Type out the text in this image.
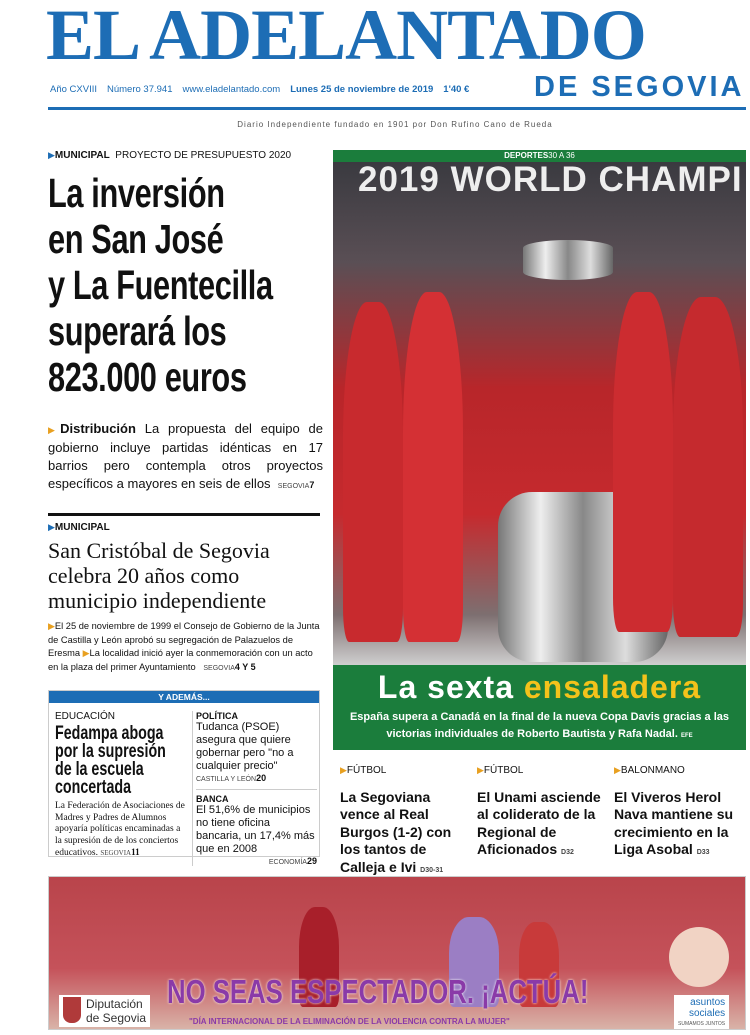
EL ADELANTADO
DE SEGOVIA
Año CXVIII Número 37.941 www.eladelantado.com Lunes 25 de noviembre de 2019 1'40 €
Diario Independiente fundado en 1901 por Don Rufino Cano de Rueda
▶MUNICIPAL PROYECTO DE PRESUPUESTO 2020
La inversión
en San José
y La Fuentecilla
superará los
823.000 euros
▶Distribución La propuesta del equipo de gobierno incluye partidas idénticas en 17 barrios pero contempla otros proyectos específicos a mayores en seis de ellos SEGOVIA7
▶MUNICIPAL
San Cristóbal de Segovia celebra 20 años como municipio independiente
▶El 25 de noviembre de 1999 el Consejo de Gobierno de la Junta de Castilla y León aprobó su segregación de Palazuelos de Eresma ▶La localidad inició ayer la conmemoración con un acto en la plaza del primer Ayuntamiento SEGOVIA4 Y 5
Y ADEMÁS...
EDUCACIÓN
Fedampa aboga por la supresión de la escuela concertada
La Federación de Asociaciones de Madres y Padres de Alumnos apoyaría políticas encaminadas a la supresión de de los conciertos educativos. SEGOVIA11
POLÍTICA
Tudanca (PSOE) asegura que quiere gobernar pero "no a cualquier precio"
CASTILLA Y LEÓN20
BANCA
El 51,6% de municipios no tiene oficina bancaria, un 17,4% más que en 2008
ECONOMÍA29
DEPORTES30 A 36
2019 WORLD CHAMPI
La sexta ensaladera
España supera a Canadá en la final de la nueva Copa Davis gracias a las victorias individuales de Roberto Bautista y Rafa Nadal. EFE
▶FÚTBOL
La Segoviana vence al Real Burgos (1-2) con los tantos de Calleja e Ivi D30-31
▶FÚTBOL
El Unami asciende al coliderato de la Regional de Aficionados D32
▶BALONMANO
El Viveros Herol Nava mantiene su crecimiento en la Liga Asobal D33
NO SEAS ESPECTADOR. ¡ACTÚA!
"DÍA INTERNACIONAL DE LA ELIMINACIÓN DE LA VIOLENCIA CONTRA LA MUJER"
Diputación
de Segovia
asuntos
sociales
SUMAMOS JUNTOS
